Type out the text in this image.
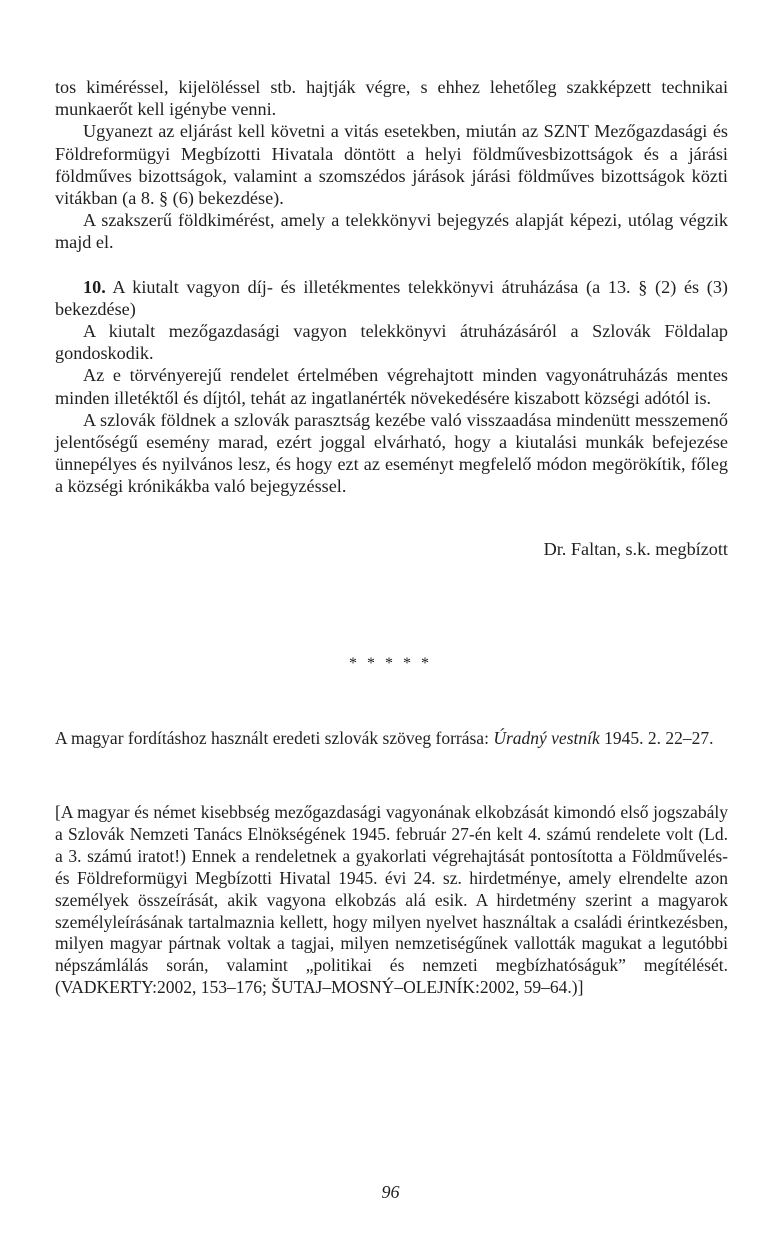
tos kiméréssel, kijelöléssel stb. hajtják végre, s ehhez lehetőleg szakképzett technikai munkaerőt kell igénybe venni.

Ugyanezt az eljárást kell követni a vitás esetekben, miután az SZNT Mezőgazdasági és Földreformügyi Megbízotti Hivatala döntött a helyi földművesbizottságok és a járási földműves bizottságok, valamint a szomszédos járások járási földműves bizottságok közti vitákban (a 8. § (6) bekezdése).

A szakszerű földkimérést, amely a telekkönyvi bejegyzés alapját képezi, utólag végzik majd el.

10. A kiutalt vagyon díj- és illetékmentes telekkönyvi átruházása (a 13. § (2) és (3) bekezdése)

A kiutalt mezőgazdasági vagyon telekkönyvi átruházásáról a Szlovák Földalap gondoskodik.

Az e törvényerejű rendelet értelmében végrehajtott minden vagyonátruházás mentes minden illetéktől és díjtól, tehát az ingatlanérték növekedésére kiszabott községi adótól is.

A szlovák földnek a szlovák parasztság kezébe való visszaadása mindenütt messzemenő jelentőségű esemény marad, ezért joggal elvárható, hogy a kiutalási munkák befejezése ünnepélyes és nyilvános lesz, és hogy ezt az eseményt megfelelő módon megörökítik, főleg a községi krónikákba való bejegyzéssel.

Dr. Faltan, s.k. megbízott

* * * * *

A magyar fordításhoz használt eredeti szlovák szöveg forrása: Úradný vestník 1945. 2. 22–27.

[A magyar és német kisebbség mezőgazdasági vagyonának elkobzását kimondó első jogszabály a Szlovák Nemzeti Tanács Elnökségének 1945. február 27-én kelt 4. számú rendelete volt (Ld. a 3. számú iratot!) Ennek a rendeletnek a gyakorlati végrehajtását pontosította a Földművelés- és Földreformügyi Megbízotti Hivatal 1945. évi 24. sz. hirdetménye, amely elrendelte azon személyek összeírását, akik vagyona elkobzás alá esik. A hirdetmény szerint a magyarok személyleírásának tartalmaznia kellett, hogy milyen nyelvet használtak a családi érintkezésben, milyen magyar pártnak voltak a tagjai, milyen nemzetiségűnek vallották magukat a legutóbbi népszámlálás során, valamint „politikai és nemzeti megbízhatóságuk” megítélését. (VADKERTY:2002, 153–176; ŠUTAJ–MOSNÝ–OLEJNÍK:2002, 59–64.)]

96
